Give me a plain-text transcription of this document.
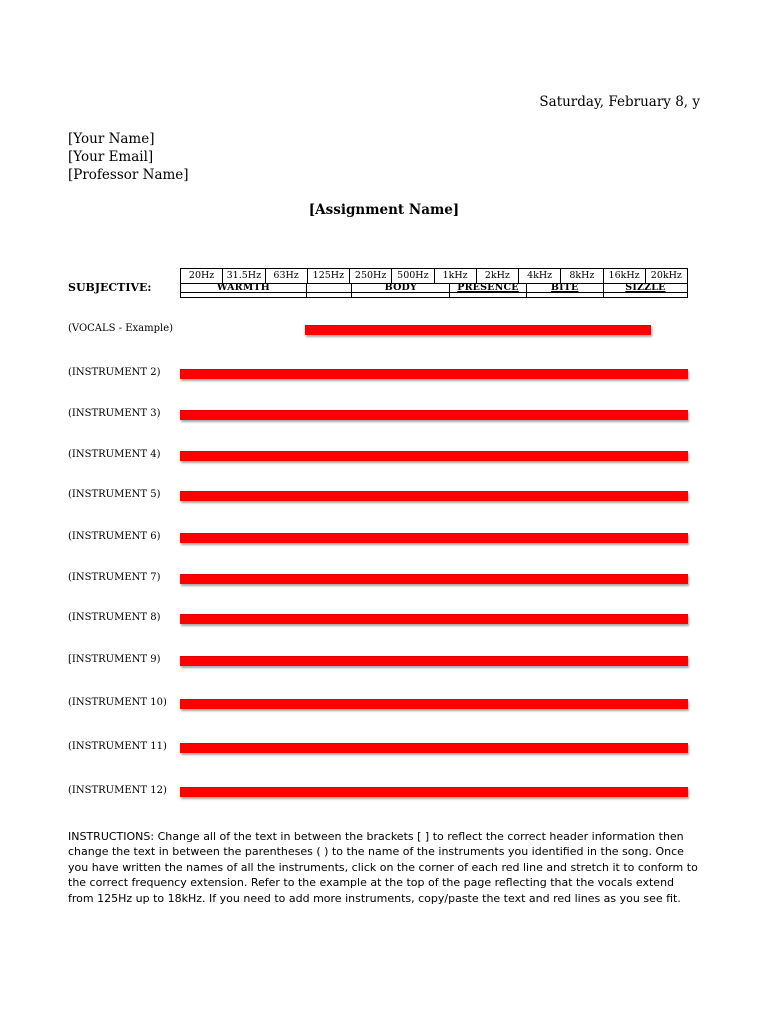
Saturday, February 8, y
[Your Name]
[Your Email]
[Professor Name]
[Assignment Name]
SUBJECTIVE:
20Hz	31.5Hz	63Hz	125Hz	250Hz	500Hz	1kHz	2kHz	4kHz	8kHz	16kHz	20kHz
WARMTH	BODY	PRESENCE	BITE	SIZZLE
(VOCALS - Example)
(INSTRUMENT 2)
(INSTRUMENT 3)
(INSTRUMENT 4)
(INSTRUMENT 5)
(INSTRUMENT 6)
(INSTRUMENT 7)
(INSTRUMENT 8)
[INSTRUMENT 9)
(INSTRUMENT 10)
(INSTRUMENT 11)
(INSTRUMENT 12)
INSTRUCTIONS: Change all of the text in between the brackets [ ] to reflect the correct header information then change the text in between the parentheses ( ) to the name of the instruments you identified in the song. Once you have written the names of all the instruments, click on the corner of each red line and stretch it to conform to the correct frequency extension. Refer to the example at the top of the page reflecting that the vocals extend from 125Hz up to 18kHz. If you need to add more instruments, copy/paste the text and red lines as you see fit.
